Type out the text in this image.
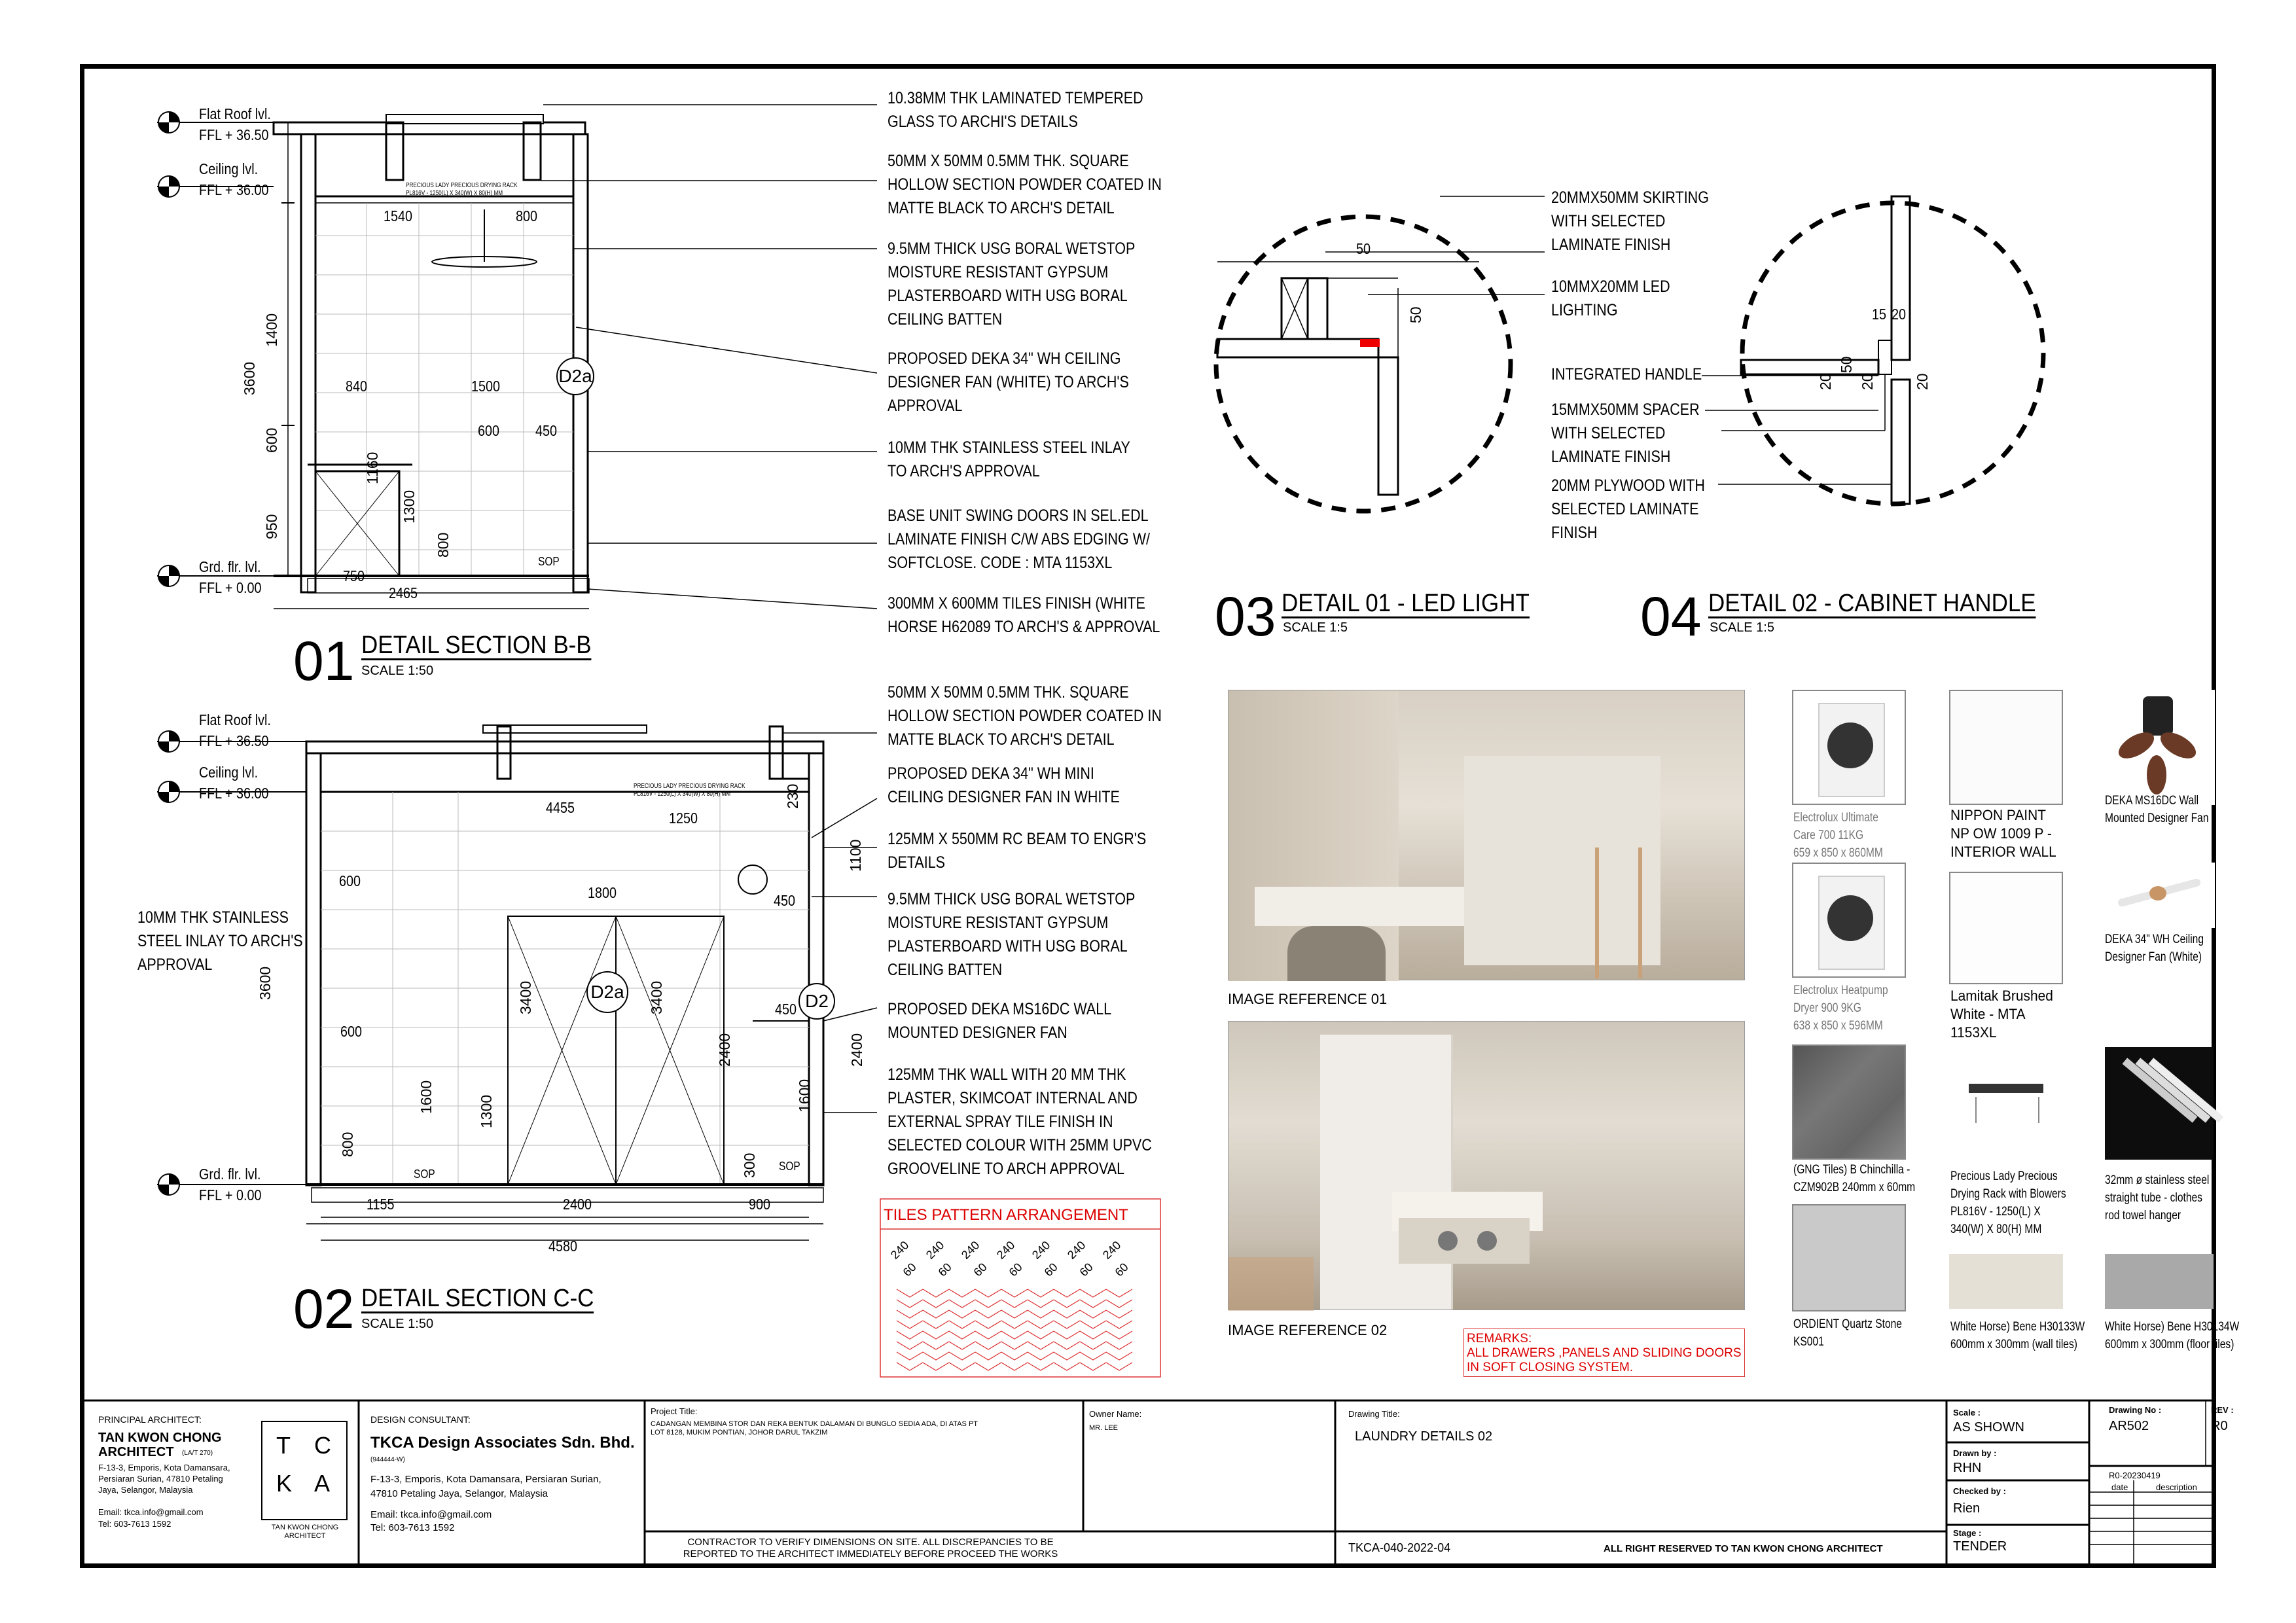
Flat Roof lvl.
FFL + 36.50
Ceiling lvl.
FFL + 36.00
Grd. flr. lvl.
FFL + 0.00
1540	800
840	1500
600 450
750
2465
1400
3600
600
950
1160
1300
800
PRECIOUS LADY PRECIOUS DRYING RACK
PL816V - 1250(L) X 340(W) X 80(H) MM
SOP
D2a
10.38MM THK LAMINATED TEMPERED
GLASS TO ARCHI'S DETAILS
50MM X 50MM 0.5MM THK. SQUARE
HOLLOW SECTION POWDER COATED IN
MATTE BLACK TO ARCH'S DETAIL
9.5MM THICK USG BORAL WETSTOP
MOISTURE RESISTANT GYPSUM
PLASTERBOARD WITH USG BORAL
CEILING BATTEN
PROPOSED DEKA 34" WH CEILING
DESIGNER FAN (WHITE) TO ARCH'S
APPROVAL
10MM THK STAINLESS STEEL INLAY
TO ARCH'S APPROVAL
BASE UNIT SWING DOORS IN SEL.EDL
LAMINATE FINISH C/W ABS EDGING W/
SOFTCLOSE. CODE : MTA 1153XL
300MM X 600MM TILES FINISH (WHITE
HORSE H62089 TO ARCH'S & APPROVAL
01 DETAIL SECTION B-B
SCALE 1:50
Flat Roof lvl.
FFL + 36.50
Ceiling lvl.
FFL + 36.00
Grd. flr. lvl.
FFL + 0.00
4455
1250
230
1100
600
1800	450
3600	3400	3400
2400	2400
600
450
1600	1300
800
1600
300
1155	2400	900
4580
PRECIOUS LADY PRECIOUS DRYING RACK
PL816V - 1250(L) X 340(W) X 80(H) MM
SOP
SOP
D2a	D2
10MM THK STAINLESS
STEEL INLAY TO ARCH'S
APPROVAL
50MM X 50MM 0.5MM THK. SQUARE
HOLLOW SECTION POWDER COATED IN
MATTE BLACK TO ARCH'S DETAIL
PROPOSED DEKA 34" WH MINI
CEILING DESIGNER FAN IN WHITE
125MM X 550MM RC BEAM TO ENGR'S
DETAILS
9.5MM THICK USG BORAL WETSTOP
MOISTURE RESISTANT GYPSUM
PLASTERBOARD WITH USG BORAL
CEILING BATTEN
PROPOSED DEKA MS16DC WALL
MOUNTED DESIGNER FAN
125MM THK WALL WITH 20 MM THK
PLASTER, SKIMCOAT INTERNAL AND
EXTERNAL SPRAY TILE FINISH IN
SELECTED COLOUR WITH 25MM UPVC
GROOVELINE TO ARCH APPROVAL
TILES PATTERN ARRANGEMENT
240 240 240 240 240 240 240
60 60 60 60 60 60 60
02 DETAIL SECTION C-C
SCALE 1:50
50
50
20MMX50MM SKIRTING
WITH SELECTED
LAMINATE FINISH
10MMX20MM LED
LIGHTING
03 DETAIL 01 - LED LIGHT
SCALE 1:5
15 20
50
20 20	20
INTEGRATED HANDLE
15MMX50MM SPACER
WITH SELECTED
LAMINATE FINISH
20MM PLYWOOD WITH
SELECTED LAMINATE
FINISH
04 DETAIL 02 - CABINET HANDLE
SCALE 1:5
IMAGE REFERENCE 01
IMAGE REFERENCE 02
REMARKS:
ALL DRAWERS ,PANELS AND SLIDING DOORS
IN SOFT CLOSING SYSTEM.
Electrolux Ultimate
Care 700 11KG
659 x 850 x 860MM
NIPPON PAINT
NP OW 1009 P -
INTERIOR WALL
DEKA MS16DC Wall
Mounted Designer Fan
Electrolux Heatpump
Dryer 900 9KG
638 x 850 x 596MM
Lamitak Brushed
White - MTA
1153XL
DEKA 34" WH Ceiling
Designer Fan (White)
(GNG Tiles) B Chinchilla -
CZM902B 240mm x 60mm
Precious Lady Precious
Drying Rack with Blowers
PL816V - 1250(L) X
340(W) X 80(H) MM
32mm ø stainless steel
straight tube - clothes
rod towel hanger
ORDIENT Quartz Stone
KS001
White Horse) Bene H30133W
600mm x 300mm (wall tiles)
White Horse) Bene H30134W
600mm x 300mm (floor tiles)
PRINCIPAL ARCHITECT:
TAN KWON CHONG
ARCHITECT	(LA/T 270)
F-13-3, Emporis, Kota Damansara,
Persiaran Surian, 47810 Petaling
Jaya, Selangor, Malaysia
Email: tkca.info@gmail.com
Tel: 603-7613 1592
T C
K A
TAN KWON CHONG
ARCHITECT
DESIGN CONSULTANT:
TKCA Design Associates Sdn. Bhd.
(944444-W)
F-13-3, Emporis, Kota Damansara, Persiaran Surian,
47810 Petaling Jaya, Selangor, Malaysia
Email: tkca.info@gmail.com
Tel: 603-7613 1592
Project Title:
CADANGAN MEMBINA STOR DAN REKA BENTUK DALAMAN DI BUNGLO SEDIA ADA, DI ATAS PT
LOT 8128, MUKIM PONTIAN, JOHOR DARUL TAKZIM
Owner Name:
MR. LEE
Drawing Title:
LAUNDRY DETAILS 02
CONTRACTOR TO VERIFY DIMENSIONS ON SITE. ALL DISCREPANCIES TO BE
REPORTED TO THE ARCHITECT IMMEDIATELY BEFORE PROCEED THE WORKS	TKCA-040-2022-04	ALL RIGHT RESERVED TO TAN KWON CHONG ARCHITECT
Scale :
AS SHOWN
Drawn by :
RHN
Checked by :
Rien
Stage :
TENDER
Drawing No :
AR502
REV :
R0
R0-20230419
date	description
